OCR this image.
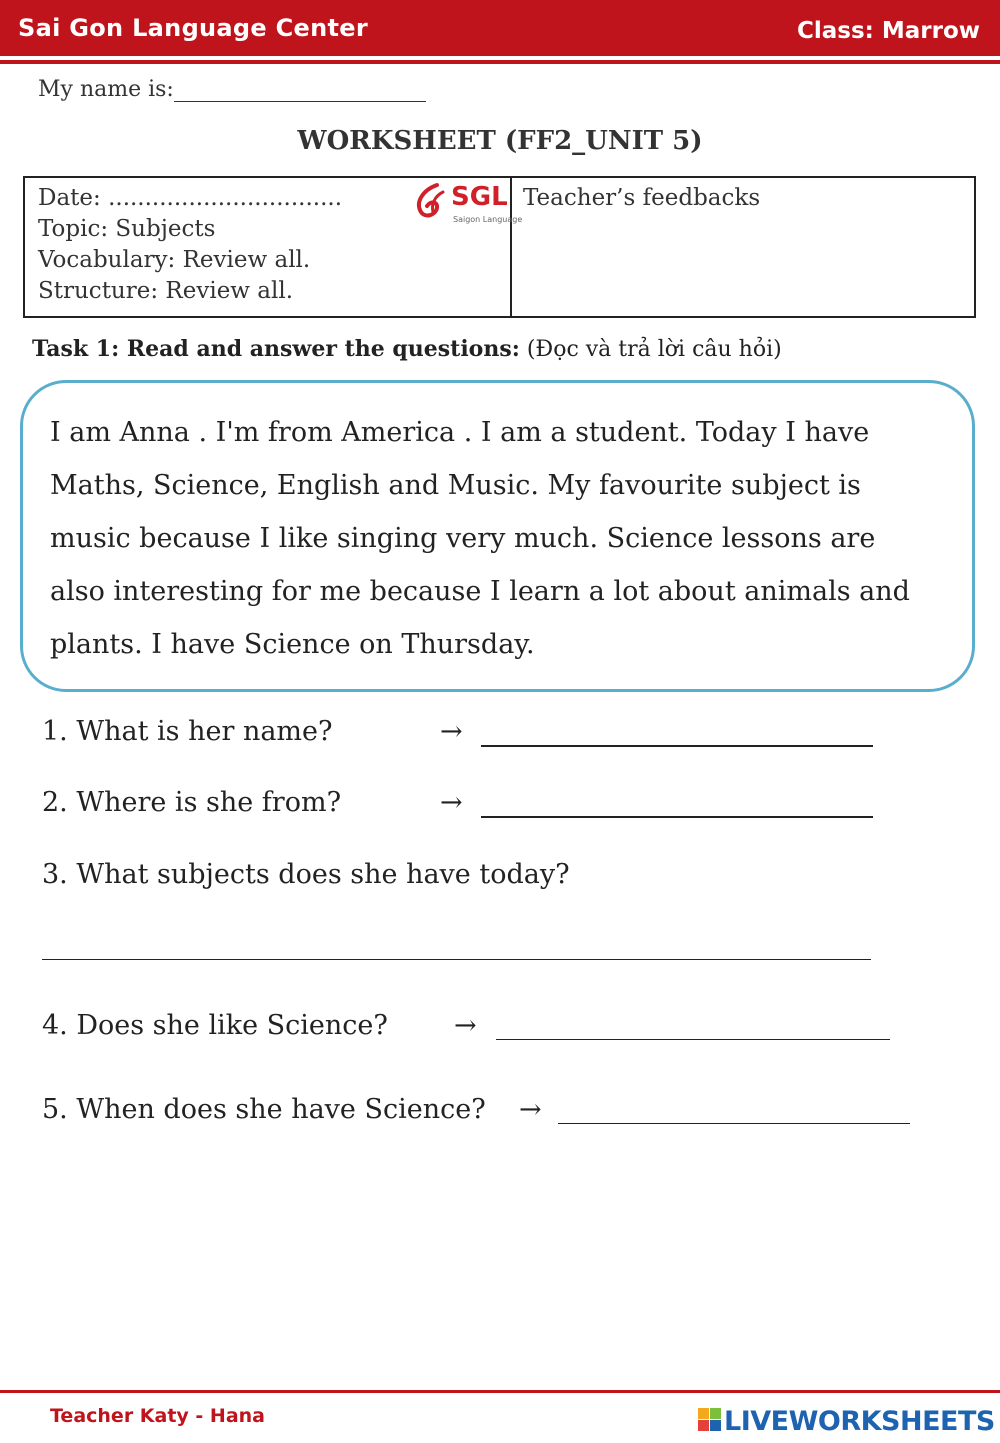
Sai Gon Language Center	Class: Marrow
My name is:
WORKSHEET (FF2_UNIT 5)
Date: ................................
Topic: Subjects
Vocabulary: Review all.
Structure: Review all.
SGL
Saigon Language
Teacher’s feedbacks
Task 1: Read and answer the questions: (Đọc và trả lời câu hỏi)
I am Anna . I'm from America . I am a student. Today I have
Maths, Science, English and Music. My favourite subject is
music because I like singing very much. Science lessons are
also interesting for me because I learn a lot about animals and
plants. I have Science on Thursday.
1. What is her name?	→
2. Where is she from?	→
3. What subjects does she have today?
4. Does she like Science? →
5. When does she have Science? →
Teacher Katy - Hana	LIVEWORKSHEETS
